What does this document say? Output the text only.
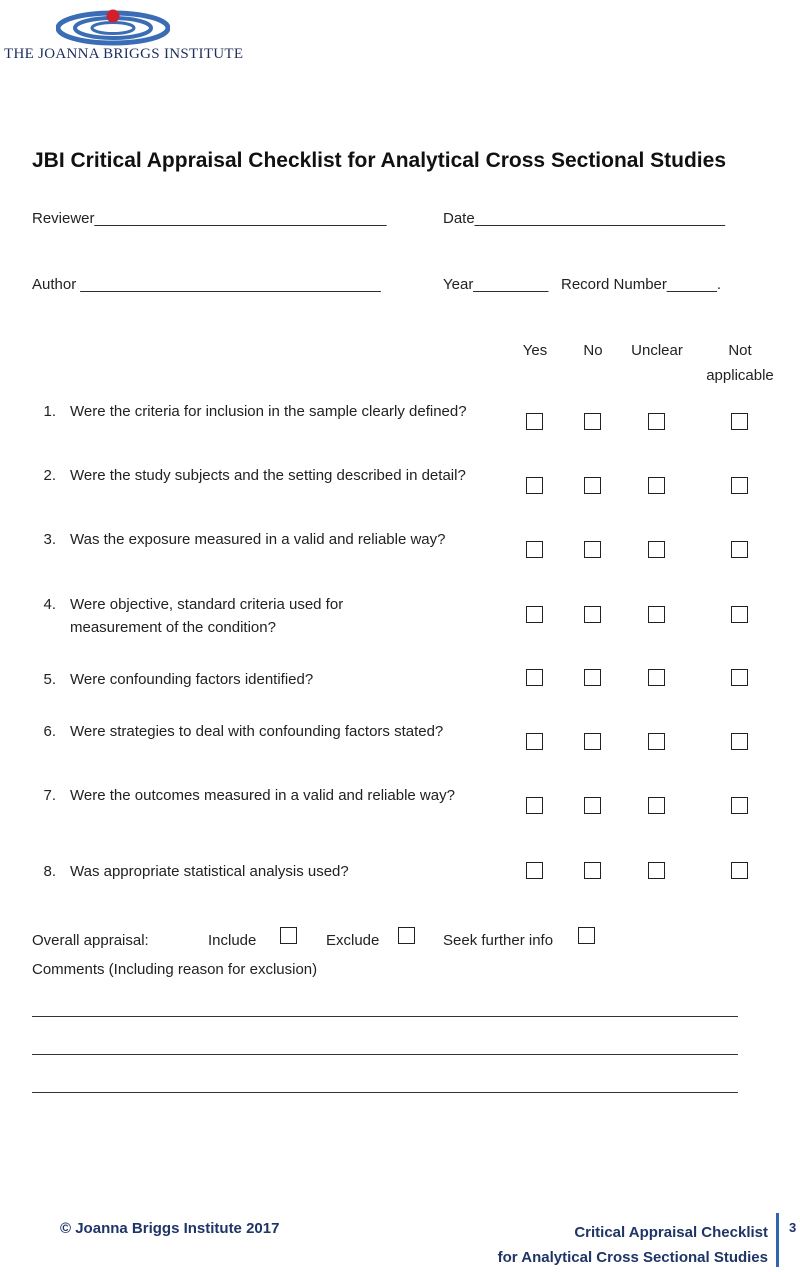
THE JOANNA BRIGGS INSTITUTE
JBI Critical Appraisal Checklist for Analytical Cross Sectional Studies
Reviewer___________________________________	Date______________________________
Author ____________________________________	Year_________ Record Number______.
Yes	No	Unclear	Not
applicable
1. Were the criteria for inclusion in the sample clearly defined?
2. Were the study subjects and the setting described in detail?
3. Was the exposure measured in a valid and reliable way?
4. Were objective, standard criteria used for measurement of the condition?
5. Were confounding factors identified?
6. Were strategies to deal with confounding factors stated?
7. Were the outcomes measured in a valid and reliable way?
8. Was appropriate statistical analysis used?
Overall appraisal:	Include	Exclude	Seek further info
Comments (Including reason for exclusion)
© Joanna Briggs Institute 2017	Critical Appraisal Checklist
for Analytical Cross Sectional Studies
3
